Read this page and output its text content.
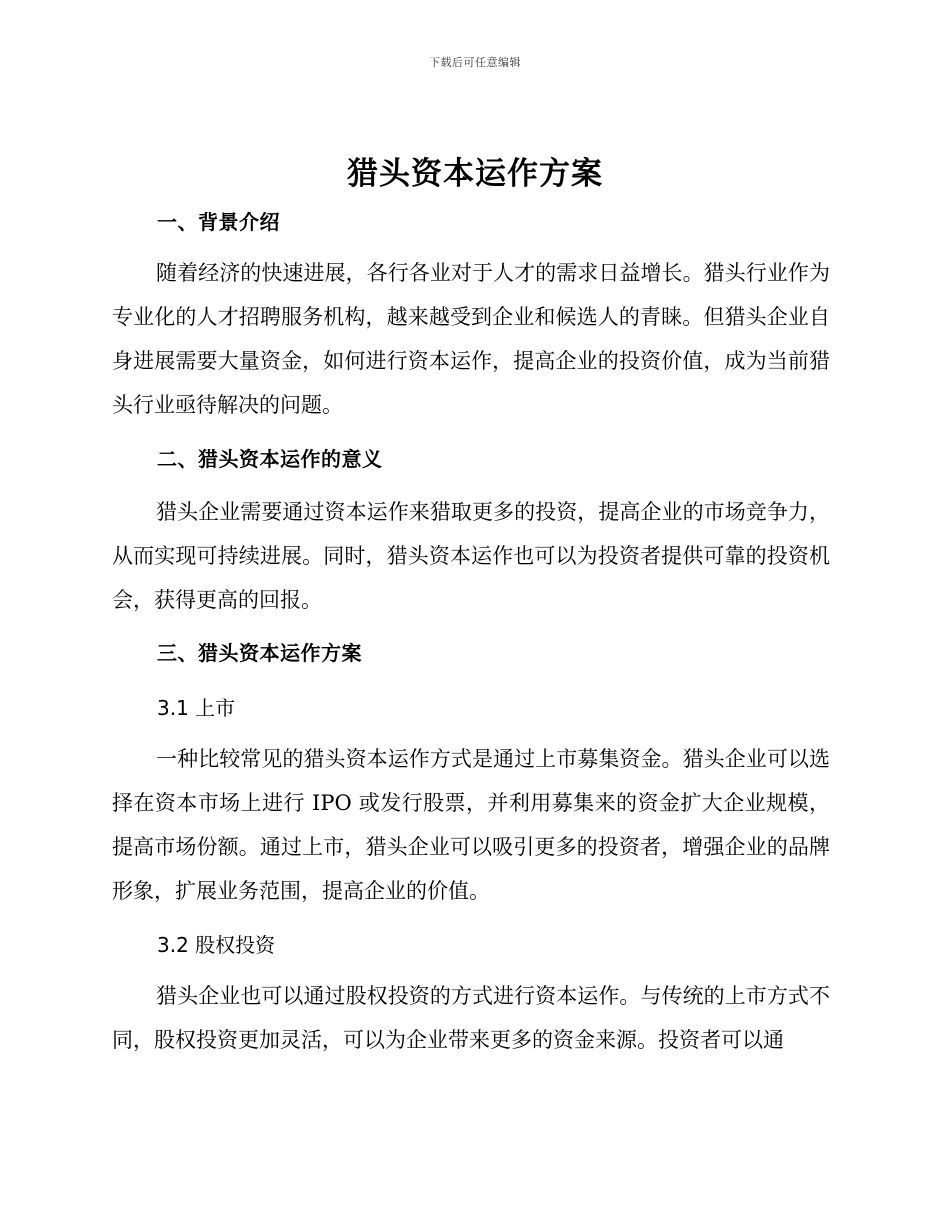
下载后可任意编辑
猎头资本运作方案
一、背景介绍
随着经济的快速进展，各行各业对于人才的需求日益增长。猎头行业作为专业化的人才招聘服务机构，越来越受到企业和候选人的青睐。但猎头企业自身进展需要大量资金，如何进行资本运作，提高企业的投资价值，成为当前猎头行业亟待解决的问题。
二、猎头资本运作的意义
猎头企业需要通过资本运作来猎取更多的投资，提高企业的市场竞争力，从而实现可持续进展。同时，猎头资本运作也可以为投资者提供可靠的投资机会，获得更高的回报。
三、猎头资本运作方案
3.1 上市
一种比较常见的猎头资本运作方式是通过上市募集资金。猎头企业可以选择在资本市场上进行 IPO 或发行股票，并利用募集来的资金扩大企业规模，提高市场份额。通过上市，猎头企业可以吸引更多的投资者，增强企业的品牌形象，扩展业务范围，提高企业的价值。
3.2 股权投资
猎头企业也可以通过股权投资的方式进行资本运作。与传统的上市方式不同，股权投资更加灵活，可以为企业带来更多的资金来源。投资者可以通
